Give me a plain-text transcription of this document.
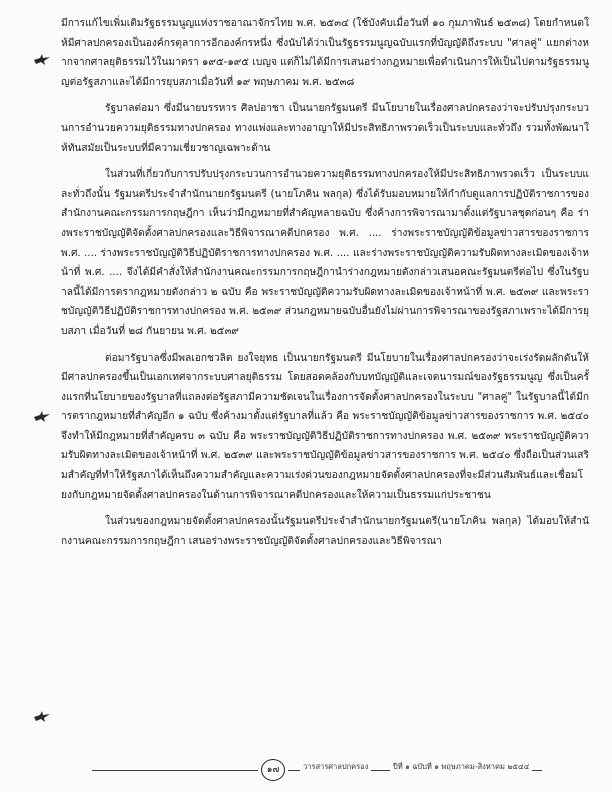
มีการแก้ไขเพิ่มเติมรัฐธรรมนูญแห่งราชอาณาจักรไทย พ.ศ. ๒๕๓๔ (ใช้บังคับเมื่อวันที่ ๑๐ กุมภาพันธ์ ๒๕๓๘) โดยกำหนดให้มีศาลปกครองเป็นองค์กรตุลาการอีกองค์กรหนึ่ง ซึ่งนับได้ว่าเป็นรัฐธรรมนูญฉบับแรกที่บัญญัติถึงระบบ "ศาลคู่" แยกต่างหากจากศาลยุติธรรมไว้ในมาตรา ๑๙๕-๑๙๕ เบญจ แต่ก็ไม่ได้มีการเสนอร่างกฎหมายเพื่อดำเนินการให้เป็นไปตามรัฐธรรมนูญต่อรัฐสภาและได้มีการยุบสภาเมื่อวันที่ ๑๙ พฤษภาคม พ.ศ. ๒๕๓๘

รัฐบาลต่อมา ซึ่งมีนายบรรหาร ศิลปอาชา เป็นนายกรัฐมนตรี มีนโยบายในเรื่องศาลปกครองว่าจะปรับปรุงกระบวนการอำนวยความยุติธรรมทางปกครอง ทางแพ่งและทางอาญาให้มีประสิทธิภาพรวดเร็วเป็นระบบและทั่วถึง รวมทั้งพัฒนาให้ทันสมัยเป็นระบบที่มีความเชี่ยวชาญเฉพาะด้าน

ในส่วนที่เกี่ยวกับการปรับปรุงกระบวนการอำนวยความยุติธรรมทางปกครองให้มีประสิทธิภาพรวดเร็ว เป็นระบบและทั่วถึงนั้น รัฐมนตรีประจำสำนักนายกรัฐมนตรี (นายโภคิน พลกุล) ซึ่งได้รับมอบหมายให้กำกับดูแลการปฏิบัติราชการของสำนักงานคณะกรรมการกฤษฎีกา เห็นว่ามีกฎหมายที่สำคัญหลายฉบับ ซึ่งค้างการพิจารณามาตั้งแต่รัฐบาลชุดก่อนๆ คือ ร่างพระราชบัญญัติจัดตั้งศาลปกครองและวิธีพิจารณาคดีปกครอง พ.ศ. .... ร่างพระราชบัญญัติข้อมูลข่าวสารของราชการ พ.ศ. .... ร่างพระราชบัญญัติวิธีปฏิบัติราชการทางปกครอง พ.ศ. .... และร่างพระราชบัญญัติความรับผิดทางละเมิดของเจ้าหน้าที่ พ.ศ. .... จึงได้มีคำสั่งให้สำนักงานคณะกรรมการกฤษฎีกานำร่างกฎหมายดังกล่าวเสนอคณะรัฐมนตรีต่อไป ซึ่งในรัฐบาลนี้ได้มีการตรากฎหมายดังกล่าว ๒ ฉบับ คือ พระราชบัญญัติความรับผิดทางละเมิดของเจ้าหน้าที่ พ.ศ. ๒๕๓๙ และพระราชบัญญัติวิธีปฏิบัติราชการทางปกครอง พ.ศ. ๒๕๓๙ ส่วนกฎหมายฉบับอื่นยังไม่ผ่านการพิจารณาของรัฐสภาเพราะได้มีการยุบสภา เมื่อวันที่ ๒๘ กันยายน พ.ศ. ๒๕๓๙

ต่อมารัฐบาลซึ่งมีพลเอกชวลิต ยงใจยุทธ เป็นนายกรัฐมนตรี มีนโยบายในเรื่องศาลปกครองว่าจะเร่งรัดผลักดันให้มีศาลปกครองขึ้นเป็นเอกเทศจากระบบศาลยุติธรรม โดยสอดคล้องกับบทบัญญัติและเจตนารมณ์ของรัฐธรรมนูญ ซึ่งเป็นครั้งแรกที่นโยบายของรัฐบาลที่แถลงต่อรัฐสภามีความชัดเจนในเรื่องการจัดตั้งศาลปกครองในระบบ "ศาลคู่" ในรัฐบาลนี้ได้มีการตรากฎหมายที่สำคัญอีก ๑ ฉบับ ซึ่งค้างมาตั้งแต่รัฐบาลที่แล้ว คือ พระราชบัญญัติข้อมูลข่าวสารของราชการ พ.ศ. ๒๕๔๐ จึงทำให้มีกฎหมายที่สำคัญครบ ๓ ฉบับ คือ พระราชบัญญัติวิธีปฏิบัติราชการทางปกครอง พ.ศ. ๒๕๓๙ พระราชบัญญัติความรับผิดทางละเมิดของเจ้าหน้าที่ พ.ศ. ๒๕๓๙ และพระราชบัญญัติข้อมูลข่าวสารของราชการ พ.ศ. ๒๕๔๐ ซึ่งถือเป็นส่วนเสริมสำคัญที่ทำให้รัฐสภาได้เห็นถึงความสำคัญและความเร่งด่วนของกฎหมายจัดตั้งศาลปกครองที่จะมีส่วนสัมพันธ์และเชื่อมโยงกับกฎหมายจัดตั้งศาลปกครองในด้านการพิจารณาคดีปกครองและให้ความเป็นธรรมแก่ประชาชน

ในส่วนของกฎหมายจัดตั้งศาลปกครองนั้นรัฐมนตรีประจำสำนักนายกรัฐมนตรี(นายโภคิน พลกุล) ได้มอบให้สำนักงานคณะกรรมการกฤษฎีกา เสนอร่างพระราชบัญญัติจัดตั้งศาลปกครองและวิธีพิจารณา

๑๗	วารสารศาลปกครอง	ปีที่ ๑ ฉบับที่ ๑ พฤษภาคม-สิงหาคม ๒๕๔๔
